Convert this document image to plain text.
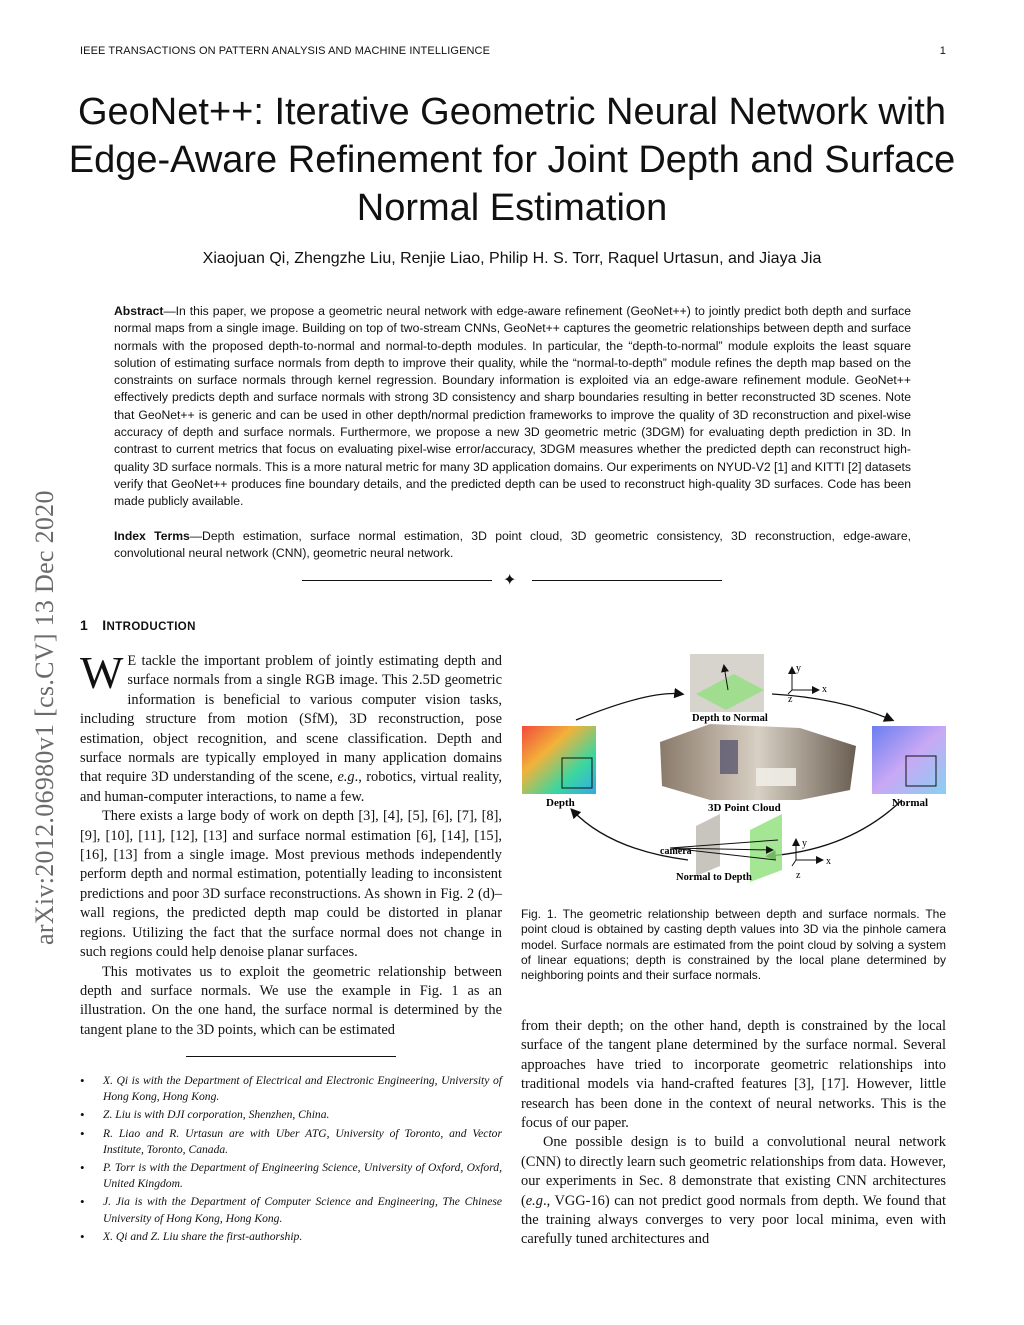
IEEE TRANSACTIONS ON PATTERN ANALYSIS AND MACHINE INTELLIGENCE	1
arXiv:2012.06980v1 [cs.CV] 13 Dec 2020
GeoNet++: Iterative Geometric Neural Network with Edge-Aware Refinement for Joint Depth and Surface Normal Estimation
Xiaojuan Qi, Zhengzhe Liu, Renjie Liao, Philip H. S. Torr, Raquel Urtasun, and Jiaya Jia
Abstract—In this paper, we propose a geometric neural network with edge-aware refinement (GeoNet++) to jointly predict both depth and surface normal maps from a single image. Building on top of two-stream CNNs, GeoNet++ captures the geometric relationships between depth and surface normals with the proposed depth-to-normal and normal-to-depth modules. In particular, the “depth-to-normal” module exploits the least square solution of estimating surface normals from depth to improve their quality, while the “normal-to-depth” module refines the depth map based on the constraints on surface normals through kernel regression. Boundary information is exploited via an edge-aware refinement module. GeoNet++ effectively predicts depth and surface normals with strong 3D consistency and sharp boundaries resulting in better reconstructed 3D scenes. Note that GeoNet++ is generic and can be used in other depth/normal prediction frameworks to improve the quality of 3D reconstruction and pixel-wise accuracy of depth and surface normals. Furthermore, we propose a new 3D geometric metric (3DGM) for evaluating depth prediction in 3D. In contrast to current metrics that focus on evaluating pixel-wise error/accuracy, 3DGM measures whether the predicted depth can reconstruct high-quality 3D surface normals. This is a more natural metric for many 3D application domains. Our experiments on NYUD-V2 [1] and KITTI [2] datasets verify that GeoNet++ produces fine boundary details, and the predicted depth can be used to reconstruct high-quality 3D surfaces. Code has been made publicly available.
Index Terms—Depth estimation, surface normal estimation, 3D point cloud, 3D geometric consistency, 3D reconstruction, edge-aware, convolutional neural network (CNN), geometric neural network.
✦
1 INTRODUCTION

W E tackle the important problem of jointly estimating depth and surface normals from a single RGB image. This 2.5D geometric information is beneficial to various computer vision tasks, including structure from motion (SfM), 3D reconstruction, pose estimation, object recognition, and scene classification. Depth and surface normals are typically employed in many application domains that require 3D understanding of the scene, e.g., robotics, virtual reality, and human-computer interactions, to name a few.

There exists a large body of work on depth [3], [4], [5], [6], [7], [8], [9], [10], [11], [12], [13] and surface normal estimation [6], [14], [15], [16], [13] from a single image. Most previous methods independently perform depth and normal estimation, potentially leading to inconsistent predictions and poor 3D surface reconstructions. As shown in Fig. 2 (d)– wall regions, the predicted depth map could be distorted in planar regions. Utilizing the fact that the surface normal does not change in such regions could help denoise planar surfaces.

This motivates us to exploit the geometric relationship between depth and surface normals. We use the example in Fig. 1 as an illustration. On the one hand, the surface normal is determined by the tangent plane to the 3D points, which can be estimated

• X. Qi is with the Department of Electrical and Electronic Engineering, University of Hong Kong, Hong Kong.
• Z. Liu is with DJI corporation, Shenzhen, China.
• R. Liao and R. Urtasun are with Uber ATG, University of Toronto, and Vector Institute, Toronto, Canada.
• P. Torr is with the Department of Engineering Science, University of Oxford, Oxford, United Kingdom.
• J. Jia is with the Department of Computer Science and Engineering, The Chinese University of Hong Kong, Hong Kong.
• X. Qi and Z. Liu share the first-authorship.
Depth	Normal
Depth to Normal
y
x
z
3D Point Cloud
camera
Normal to Depth
y
x
z
Fig. 1. The geometric relationship between depth and surface normals. The point cloud is obtained by casting depth values into 3D via the pinhole camera model. Surface normals are estimated from the point cloud by solving a system of linear equations; depth is constrained by the local plane determined by neighboring points and their surface normals.

from their depth; on the other hand, depth is constrained by the local surface of the tangent plane determined by the surface normal. Several approaches have tried to incorporate geometric relationships into traditional models via hand-crafted features [3], [17]. However, little research has been done in the context of neural networks. This is the focus of our paper.

One possible design is to build a convolutional neural network (CNN) to directly learn such geometric relationships from data. However, our experiments in Sec. 8 demonstrate that existing CNN architectures (e.g., VGG-16) can not predict good normals from depth. We found that the training always converges to very poor local minima, even with carefully tuned architectures and
